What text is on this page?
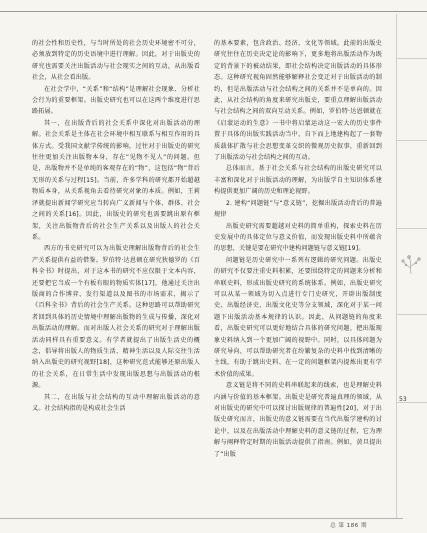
的社会性和历史性，与当时所处的社会历史环境密不可分，必须放到特定的历史语境中进行理解。因此，对于出版史的研究也需要关注出版活动与社会现实之间的互动，从出版看社会，从社会看出版。

在社会学中，“关系”和“结构”是理解社会现象、分析社会行为的重要框架。出版史研究也可以在这两个维度进行思路拓展。

其一，在出版背后的社会关系中深化对出版活动的理解。社会关系是主体在社会环境中相互联系与相互作用的具体方式。受我国文献学传统的影响，过往对于出版史的研究往往更加关注出版物本身，存在“见物不见人”的问题。但是，出版物并不是单纯的客观存在的“物”，这包括“物”背后无形的关系与过程[15]。当前，许多学科的研究都开始超越物质本身，从关系视角去看待研究对象的本质。例如，王莉泽就提出新闻学研究应当转向广义新闻与个体、群体、社会之间的关系[16]。因此，出版史的研究也需要跳出原有框架，关注出版物背后的社会生产关系以及出版人的社会关系。

西方的书史研究可以为出版史理解出版物背后的社会生产关系提供有益的借鉴。罗伯特·达恩顿在研究狄德罗的《百科全书》时提出，对于这本书的研究不应仅限于文本内容，还要把它当成一个有板有眼的物质实体[17]，他通过关注出版商的合作博弈、发行渠道以及图书的市场需求，揭示了《百科全书》背后的社会生产关系。这种思路可以帮助研究者回到具体的历史情境中理解出版物的生成与传播，深化对出版活动的理解。而对出版人社会关系的研究对于理解出版活动同样具有重要意义。有学者就提出了出版生活史的概念，倡导将出版人的物质生活、精神生活以及人际交往生活纳入出版史的研究视野[18]，这种研究范式能够还原出版人的社会关系，在日常生活中发现出版思想与出版活动的根源。

其二，在出版与社会结构的互动中理解出版活动的意义。社会结构指的是构成社会生活

的基本要素，包含政治、经济、文化等领域。此前的出版史研究往往在历史决定论的影响下，更多地将出版活动作为既定的背景下的被动结果，即社会结构决定出版活动的具体形态。这种研究视角固然能够解释社会变迁对于出版活动的制约，但是出版活动与社会结构之间的关系并不是单向的。因此，从社会结构的角度来研究出版史，要重点理解出版活动与社会结构之间的双向互动关系。例如，罗伯特·达恩顿就在《启蒙运动的生意》一书中将启蒙运动这一宏大的历史事件置于具体的出版实践活动当中，自下而上地建构起了一套物质载体扩散与社会思想变革交织的微观历史叙事，重新回到了出版活动与社会结构之间的互动。

总体而言，基于社会关系与社会结构的出版史研究可以丰富和深化对于出版活动的理解，为出版学自主知识体系建构提供更加广阔的历史和理论视野。

2. 建构“问题链”与“意义链”，挖掘出版活动背后的普遍规律

出版史研究需要超越对史料的简单重构，探索史料在历史发展中的具体定位与意义价值，而发现出版史料中所蕴含的思想，关键是要在研究中建构问题链与意义链[19]。

问题链是历史研究中一系列有逻辑的研究问题。出版史的研究不仅要注重史料积累，还要围绕特定的问题来分析和串联史料，形成出版史研究的系统体系。例如，出版史研究可以从某一领域为切入点进行专门史研究，开辟出版制度史、出版经济史、出版文化史等分支领域，深化对于某一问题下出版活动基本规律的认识。因此，从问题链的角度来看，出版史研究可以更好地结合具体的研究问题，把出版现象史料纳入到一个更加广阔的视野中。同时，以具体问题为研究导向，可以帮助研究者在纷繁复杂的史料中找到清晰的主线，有助于跳出史料、在一定的问题框架内提炼出更有学术价值的成果。

意义链是将不同的史料串联起来的线索，也是理解史料内涵与价值的基本框架。出版史是研究普遍真理的领域，从对出版史的研究中可以探讨出版规律的普遍性[20]，对于出版史研究而言，出版史的意义链需要在当代出版学建构的讨论中，以及在出版活动中理解史料的意义链的过程，它为理解与阐释特定时期的出版活动提供了指南。例如，黄旦提出了“出版

53
总 第 186 期
